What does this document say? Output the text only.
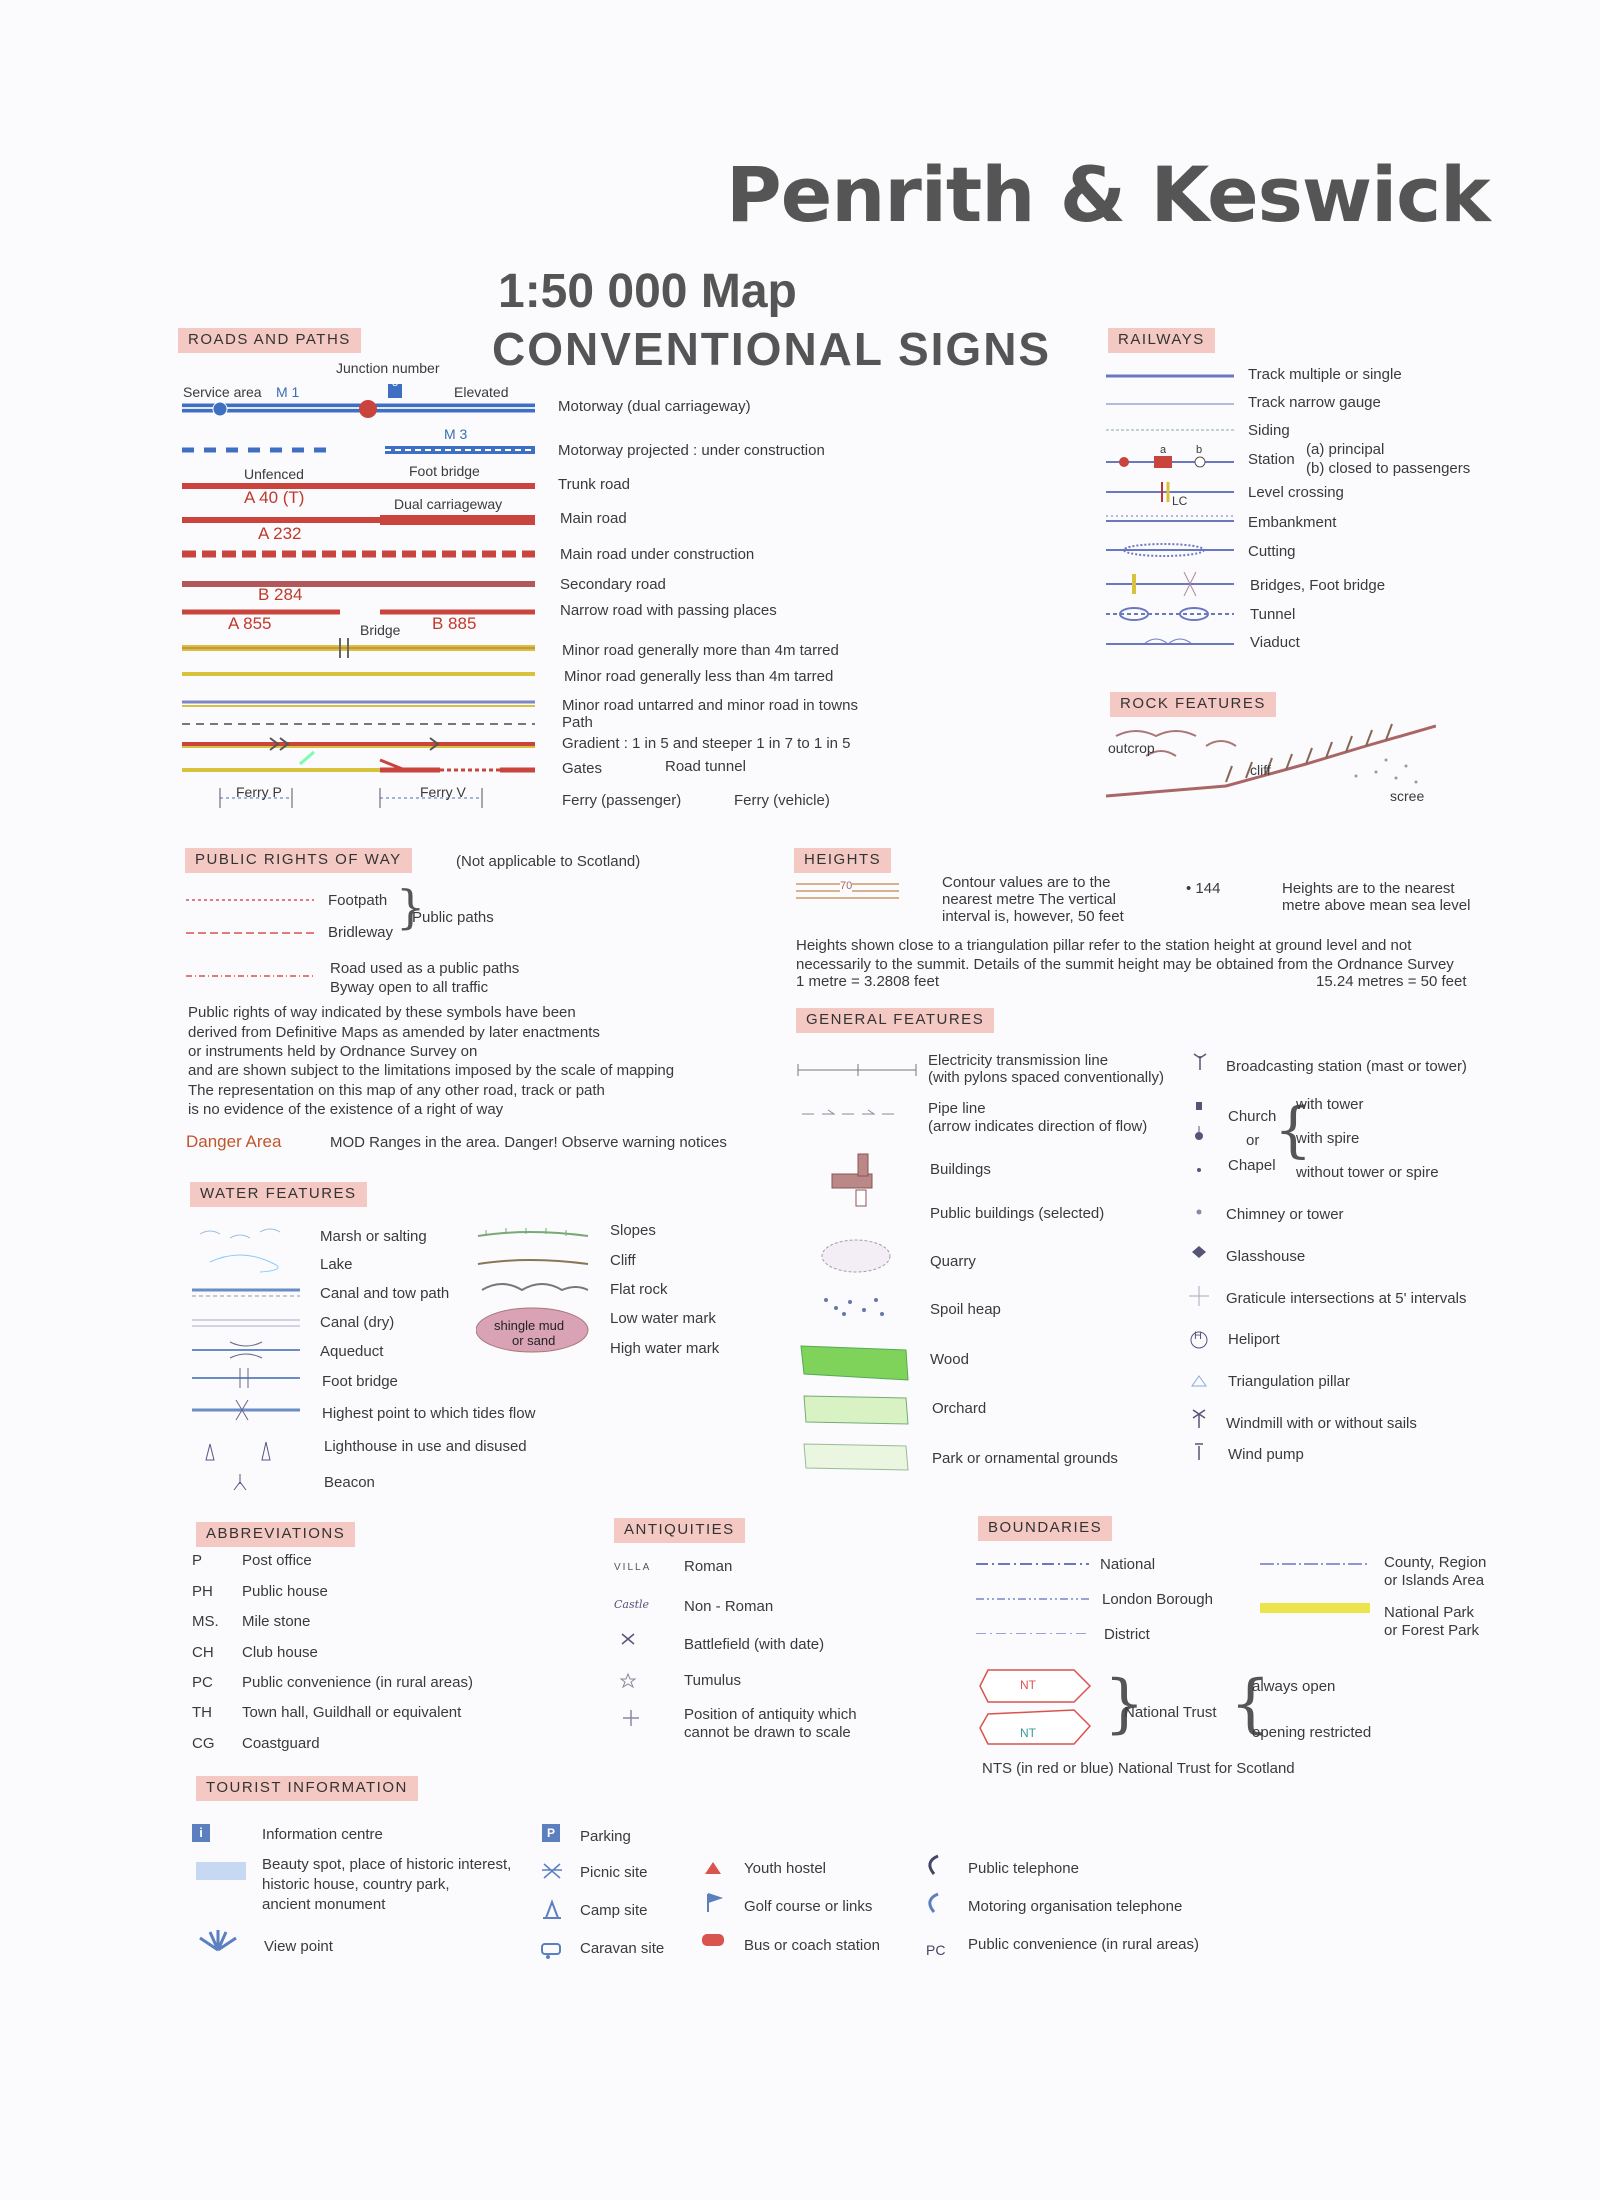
Penrith & Keswick
1:50 000 Map
CONVENTIONAL SIGNS
ROADS AND PATHS
Junction number
Service area M 1
3
Elevated
M 3
Unfenced	Foot bridge
A 40 (T)	Dual carriageway
A 232
B 284
A 855	Bridge B 885
Ferry P	Ferry V
Motorway (dual carriageway)
Motorway projected : under construction
Trunk road
Main road
Main road under construction
Secondary road
Narrow road with passing places
Minor road generally more than 4m tarred
Minor road generally less than 4m tarred
Minor road untarred and minor road in towns
Path
Gradient : 1 in 5 and steeper 1 in 7 to 1 in 5
Gates	Road tunnel
Ferry (passenger)	Ferry (vehicle)
RAILWAYS
a	b
LC
Track multiple or single
Track narrow gauge
Siding
Station
(a) principal
(b) closed to passengers
Level crossing
Embankment
Cutting
Bridges, Foot bridge
Tunnel
Viaduct
ROCK FEATURES
outcrop
cliff
scree
PUBLIC RIGHTS OF WAY	(Not applicable to Scotland)
Footpath
Bridleway }
Public paths
Road used as a public paths
Byway open to all traffic
Public rights of way indicated by these symbols have been
derived from Definitive Maps as amended by later enactments
or instruments held by Ordnance Survey on
and are shown subject to the limitations imposed by the scale of mapping
The representation on this map of any other road, track or path
is no evidence of the existence of a right of way
Danger Area	MOD Ranges in the area. Danger! Observe warning notices
HEIGHTS
70	Contour values are to the
nearest metre The vertical
interval is, however, 50 feet
• 144	Heights are to the nearest
metre above mean sea level
Heights shown close to a triangulation pillar refer to the station height at ground level and not
necessarily to the summit. Details of the summit height may be obtained from the Ordnance Survey
1 metre = 3.2808 feet	15.24 metres = 50 feet
GENERAL FEATURES
Electricity transmission line
(with pylons spaced conventionally)
Pipe line
(arrow indicates direction of flow)
Buildings
Public buildings (selected)
Quarry
Spoil heap
Wood
Orchard
Park or ornamental grounds
H
Broadcasting station (mast or tower)
Church
or
Chapel
{
with tower
with spire
without tower or spire
Chimney or tower
Glasshouse
Graticule intersections at 5' intervals
Heliport
Triangulation pillar
Windmill with or without sails
Wind pump
WATER FEATURES
Marsh or salting
Lake
Canal and tow path
Canal (dry)
Aqueduct
Foot bridge
Highest point to which tides flow
Lighthouse in use and disused
Beacon
shingle mud
or sand
Slopes
Cliff
Flat rock
Low water mark
High water mark
ABBREVIATIONS
P	Post office
PH Public house
MS. Mile stone
CH Club house
PC Public convenience (in rural areas)
TH Town hall, Guildhall or equivalent
CG Coastguard
ANTIQUITIES
VILLA
Castle
Roman
Non - Roman
Battlefield (with date)
Tumulus
Position of antiquity which
cannot be drawn to scale
BOUNDARIES
National
London Borough
District
County, Region
or Islands Area
National Park
or Forest Park
NT
NT }
National Trust {
always open
opening restricted
NTS (in red or blue) National Trust for Scotland
TOURIST INFORMATION
i	Information centre
Beauty spot, place of historic interest,
historic house, country park,
ancient monument
View point
P	Parking
Picnic site
Camp site
Caravan site
Youth hostel
Golf course or links
Bus or coach station
Public telephone
Motoring organisation telephone
PC Public convenience (in rural areas)
